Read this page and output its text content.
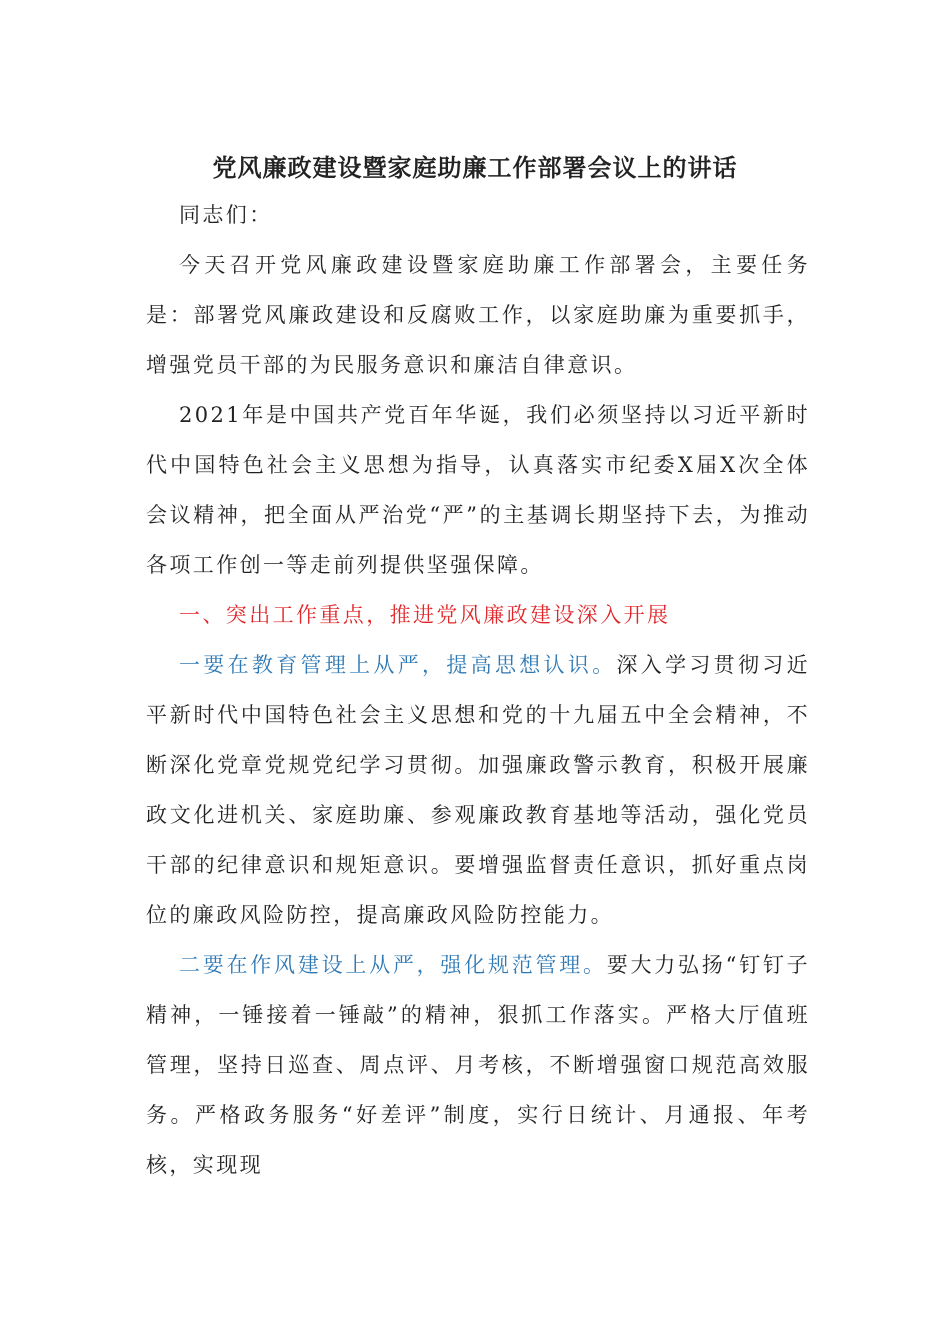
党风廉政建设暨家庭助廉工作部署会议上的讲话

同志们：

今天召开党风廉政建设暨家庭助廉工作部署会，主要任务是：部署党风廉政建设和反腐败工作，以家庭助廉为重要抓手，增强党员干部的为民服务意识和廉洁自律意识。

2021年是中国共产党百年华诞，我们必须坚持以习近平新时代中国特色社会主义思想为指导，认真落实市纪委X届X次全体会议精神，把全面从严治党“严”的主基调长期坚持下去，为推动各项工作创一等走前列提供坚强保障。

一、突出工作重点，推进党风廉政建设深入开展

一要在教育管理上从严，提高思想认识。深入学习贯彻习近平新时代中国特色社会主义思想和党的十九届五中全会精神，不断深化党章党规党纪学习贯彻。加强廉政警示教育，积极开展廉政文化进机关、家庭助廉、参观廉政教育基地等活动，强化党员干部的纪律意识和规矩意识。要增强监督责任意识，抓好重点岗位的廉政风险防控，提高廉政风险防控能力。

二要在作风建设上从严，强化规范管理。要大力弘扬“钉钉子精神，一锤接着一锤敲”的精神，狠抓工作落实。严格大厅值班管理，坚持日巡查、周点评、月考核，不断增强窗口规范高效服务。严格政务服务“好差评”制度，实行日统计、月通报、年考核，实现现
